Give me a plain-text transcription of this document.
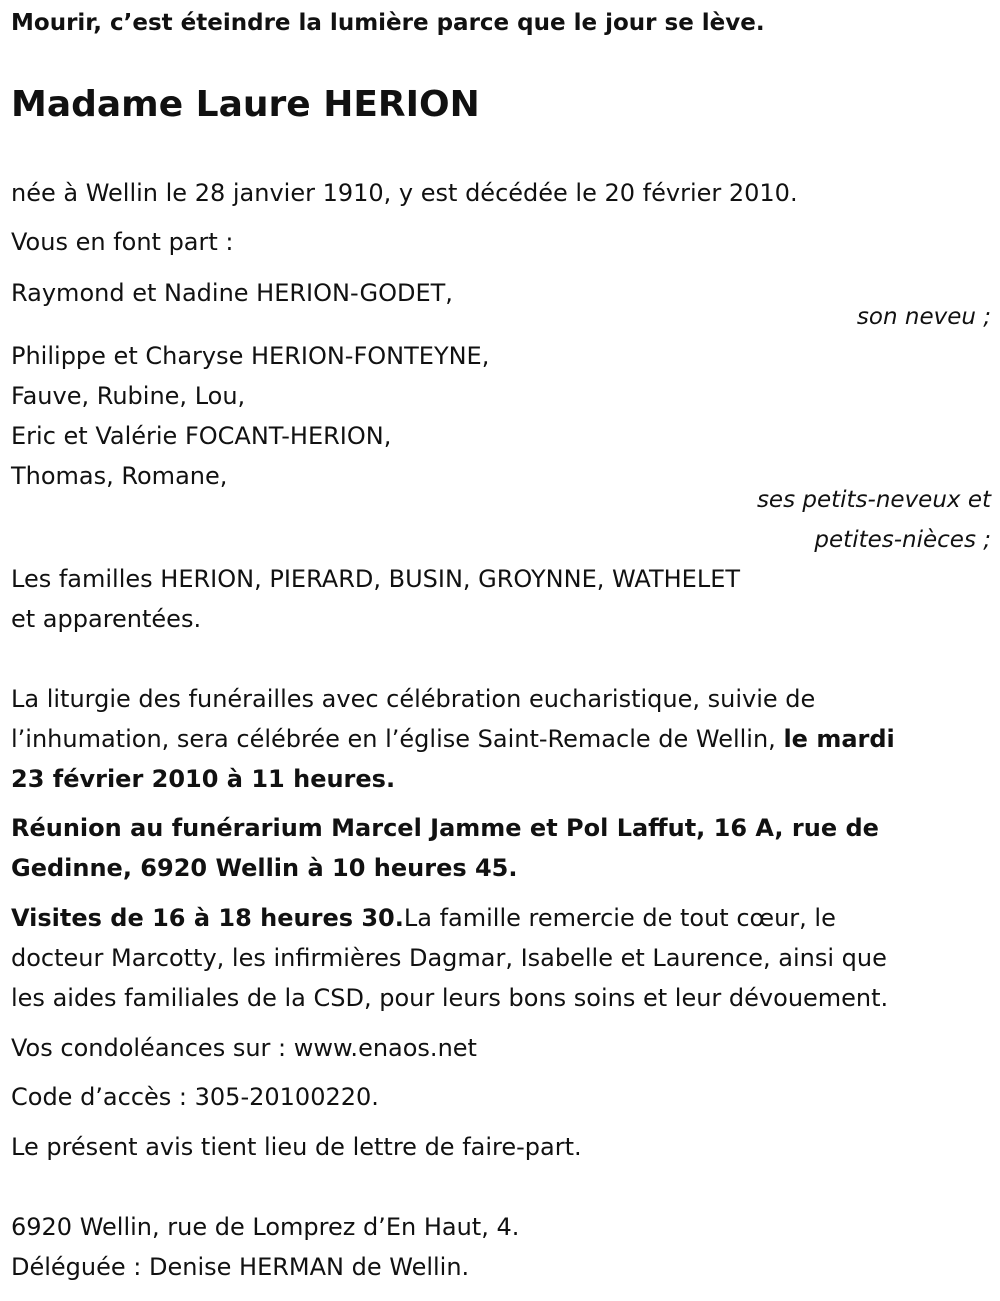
Mourir, c’est éteindre la lumière parce que le jour se lève.
Madame Laure HERION
née à Wellin le 28 janvier 1910, y est décédée le 20 février 2010.
Vous en font part :
Raymond et Nadine HERION-GODET,
son neveu ;
Philippe et Charyse HERION-FONTEYNE,
Fauve, Rubine, Lou,
Eric et Valérie FOCANT-HERION,
Thomas, Romane,
ses petits-neveux et
petites-nièces ;
Les familles HERION, PIERARD, BUSIN, GROYNNE, WATHELET
et apparentées.
La liturgie des funérailles avec célébration eucharistique, suivie de
l’inhumation, sera célébrée en l’église Saint-Remacle de Wellin, le mardi
23 février 2010 à 11 heures.
Réunion au funérarium Marcel Jamme et Pol Laffut, 16 A, rue de
Gedinne, 6920 Wellin à 10 heures 45.
Visites de 16 à 18 heures 30.La famille remercie de tout cœur, le
docteur Marcotty, les infirmières Dagmar, Isabelle et Laurence, ainsi que
les aides familiales de la CSD, pour leurs bons soins et leur dévouement.
Vos condoléances sur : www.enaos.net
Code d’accès : 305-20100220.
Le présent avis tient lieu de lettre de faire-part.
6920 Wellin, rue de Lomprez d’En Haut, 4.
Déléguée : Denise HERMAN de Wellin.
